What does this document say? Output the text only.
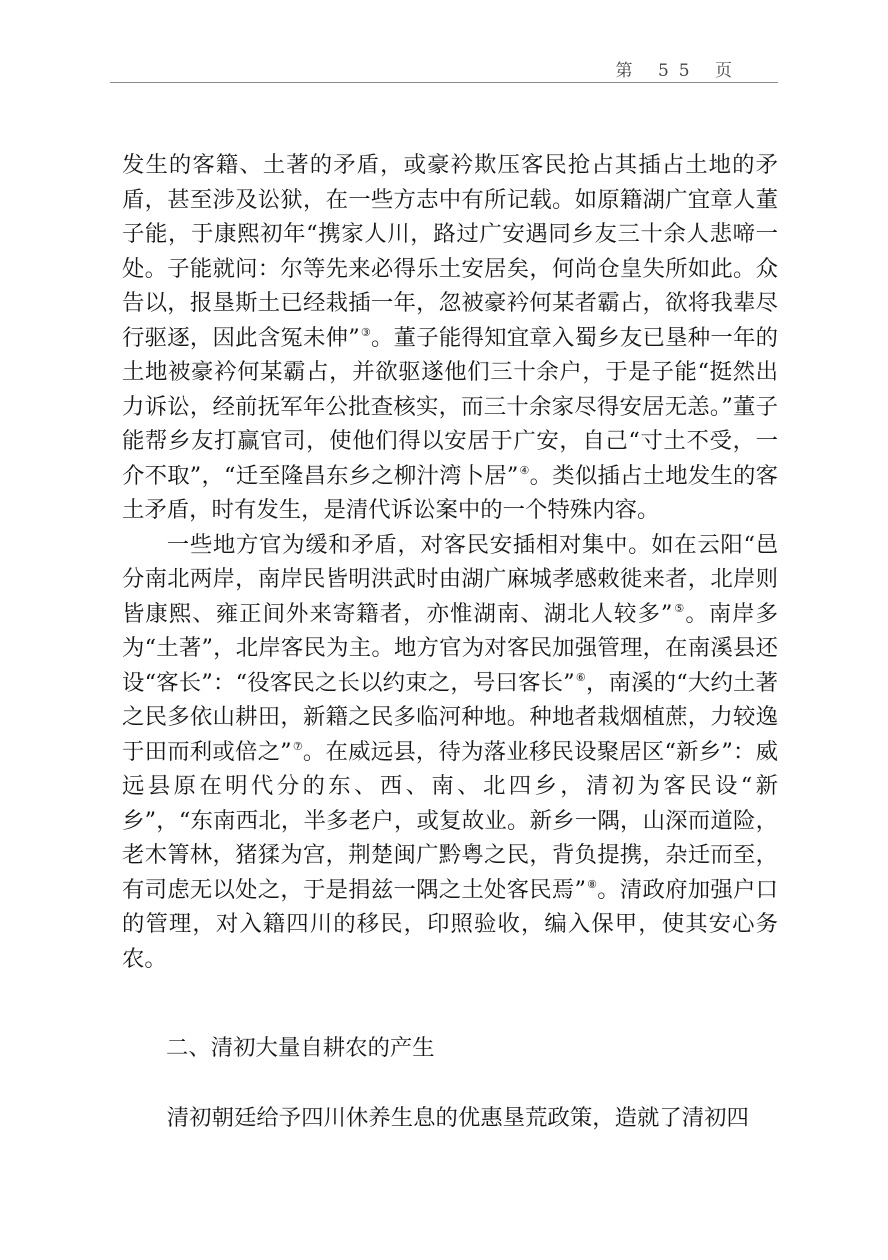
第 55 页

发生的客籍、土著的矛盾，或豪衿欺压客民抢占其插占土地的矛盾，甚至涉及讼狱，在一些方志中有所记载。如原籍湖广宜章人董子能，于康熙初年“携家人川，路过广安遇同乡友三十余人悲啼一处。子能就问：尔等先来必得乐土安居矣，何尚仓皇失所如此。众告以，报垦斯土已经栽插一年，忽被豪衿何某者霸占，欲将我辈尽行驱逐，因此含冤未伸”③。董子能得知宜章入蜀乡友已垦种一年的土地被豪衿何某霸占，并欲驱遂他们三十余户，于是子能“挺然出力诉讼，经前抚军年公批查核实，而三十余家尽得安居无恙。”董子能帮乡友打赢官司，使他们得以安居于广安，自己“寸土不受，一介不取”，“迁至隆昌东乡之柳汁湾卜居”④。类似插占土地发生的客土矛盾，时有发生，是清代诉讼案中的一个特殊内容。

一些地方官为缓和矛盾，对客民安插相对集中。如在云阳“邑分南北两岸，南岸民皆明洪武时由湖广麻城孝感敕徙来者，北岸则皆康熙、雍正间外来寄籍者，亦惟湖南、湖北人较多”⑤。南岸多为“土著”，北岸客民为主。地方官为对客民加强管理，在南溪县还设“客长”：“役客民之长以约束之，号曰客长”⑥，南溪的“大约土著之民多依山耕田，新籍之民多临河种地。种地者栽烟植蔗，力较逸于田而利或倍之”⑦。在威远县，待为落业移民设聚居区“新乡”：威远县原在明代分的东、西、南、北四乡，清初为客民设“新乡”，“东南西北，半多老户，或复故业。新乡一隅，山深而道险，老木箐林，猪猱为宫，荆楚闽广黔粤之民，背负提携，杂迁而至，有司虑无以处之，于是捐兹一隅之土处客民焉”⑧。清政府加强户口的管理，对入籍四川的移民，印照验收，编入保甲，使其安心务农。

二、清初大量自耕农的产生

清初朝廷给予四川休养生息的优惠垦荒政策，造就了清初四
